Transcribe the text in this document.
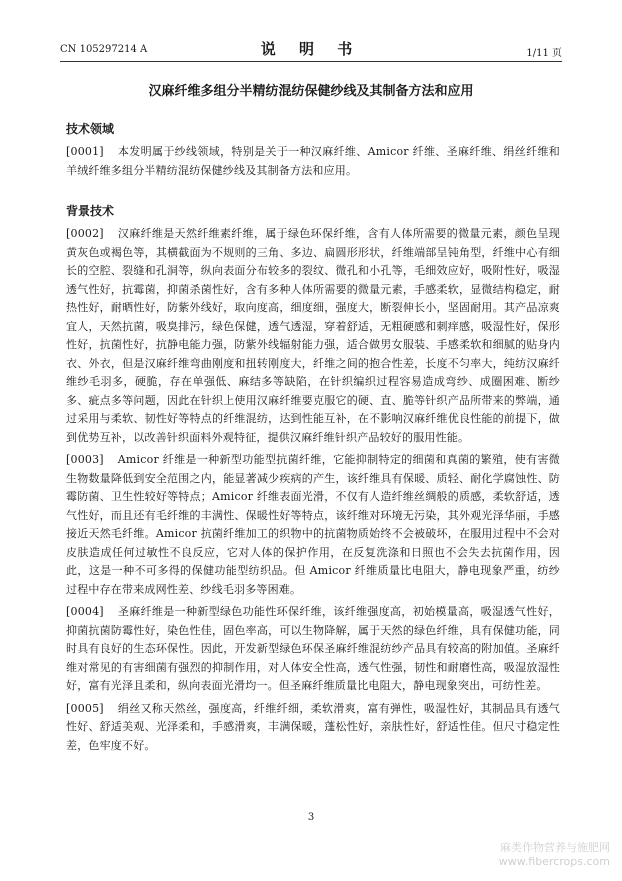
CN 105297214 A	说 明 书	1/11 页
汉麻纤维多组分半精纺混纺保健纱线及其制备方法和应用
技术领域

[0001] 本发明属于纱线领域，特别是关于一种汉麻纤维、Amicor 纤维、圣麻纤维、绢丝纤维和羊绒纤维多组分半精纺混纺保健纱线及其制备方法和应用。

背景技术

[0002] 汉麻纤维是天然纤维素纤维，属于绿色环保纤维，含有人体所需要的微量元素，颜色呈现黄灰色或褐色等，其横截面为不规则的三角、多边、扁圆形形状，纤维端部呈钝角型，纤维中心有细长的空腔、裂缝和孔洞等，纵向表面分布较多的裂纹、微孔和小孔等，毛细效应好，吸附性好，吸湿透气性好，抗霉菌，抑菌杀菌性好，含有多种人体所需要的微量元素，手感柔软，显微结构稳定，耐热性好，耐晒性好，防紫外线好，取向度高，细度细，强度大，断裂伸长小，坚固耐用。其产品凉爽宜人，天然抗菌，吸臭排污，绿色保健，透气透湿，穿着舒适，无粗硬感和刺痒感，吸湿性好，保形性好，抗菌性好，抗静电能力强，防紫外线辐射能力强，适合做男女服装、手感柔软和细腻的贴身内衣、外衣，但是汉麻纤维弯曲刚度和扭转刚度大，纤维之间的抱合性差，长度不匀率大，纯纺汉麻纤维纱毛羽多，硬脆，存在单强低、麻结多等缺陷，在针织编织过程容易造成弯纱、成圈困难、断纱多、疵点多等问题，因此在针织上使用汉麻纤维要克服它的硬、直、脆等针织产品所带来的弊端，通过采用与柔软、韧性好等特点的纤维混纺，达到性能互补，在不影响汉麻纤维优良性能的前提下，做到优势互补，以改善针织面料外观特征，提供汉麻纤维针织产品较好的服用性能。

[0003] Amicor 纤维是一种新型功能型抗菌纤维，它能抑制特定的细菌和真菌的繁殖，使有害微生物数量降低到安全范围之内，能显著减少疾病的产生，该纤维具有保暖、质轻、耐化学腐蚀性、防霉防菌、卫生性较好等特点；Amicor 纤维表面光滑，不仅有人造纤维丝绸般的质感，柔软舒适，透气性好，而且还有毛纤维的丰满性、保暖性好等特点，该纤维对环境无污染，其外观光泽华丽，手感接近天然毛纤维。Amicor 抗菌纤维加工的织物中的抗菌物质始终不会被破坏，在服用过程中不会对皮肤造成任何过敏性不良反应，它对人体的保护作用，在反复洗涤和日照也不会失去抗菌作用，因此，这是一种不可多得的保健功能型纺织品。但 Amicor 纤维质量比电阻大，静电现象严重，纺纱过程中存在带来成网性差、纱线毛羽多等困难。

[0004] 圣麻纤维是一种新型绿色功能性环保纤维，该纤维强度高，初始模量高，吸湿透气性好，抑菌抗菌防霉性好，染色性佳，固色率高，可以生物降解，属于天然的绿色纤维，具有保健功能，同时具有良好的生态环保性。因此，开发新型绿色环保圣麻纤维混纺纱产品具有较高的附加值。圣麻纤维对常见的有害细菌有强烈的抑制作用，对人体安全性高，透气性强，韧性和耐磨性高，吸湿放湿性好，富有光泽且柔和，纵向表面光滑均一。但圣麻纤维质量比电阻大，静电现象突出，可纺性差。

[0005] 绢丝又称天然丝，强度高，纤维纤细，柔软滑爽，富有弹性，吸湿性好，其制品具有透气性好、舒适美观、光泽柔和，手感滑爽，丰满保暖，蓬松性好，亲肤性好，舒适性佳。但尺寸稳定性差，色牢度不好。

3
麻类作物营养与施肥网
www.fibercrops.com
